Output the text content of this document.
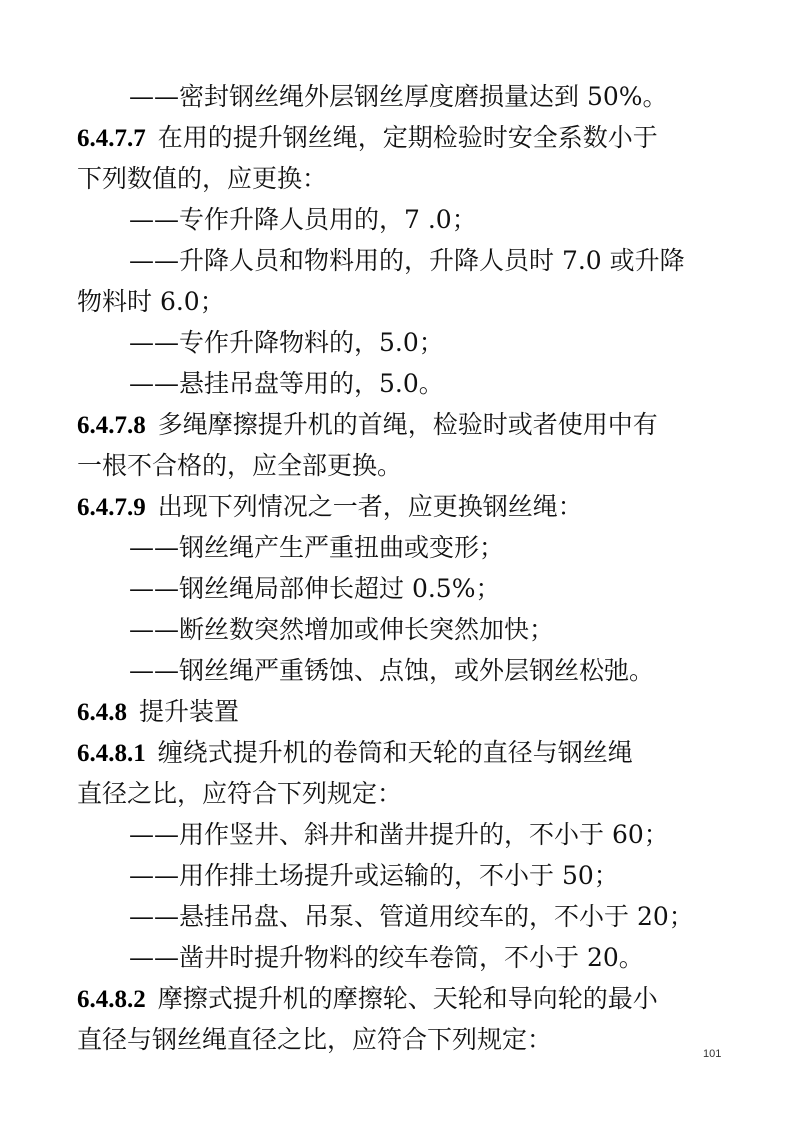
——密封钢丝绳外层钢丝厚度磨损量达到 50%。
6.4.7.7 在用的提升钢丝绳，定期检验时安全系数小于
下列数值的，应更换：
——专作升降人员用的，7 .0；
——升降人员和物料用的，升降人员时 7.0 或升降
物料时 6.0；
——专作升降物料的，5.0；
——悬挂吊盘等用的，5.0。
6.4.7.8 多绳摩擦提升机的首绳，检验时或者使用中有
一根不合格的，应全部更换。
6.4.7.9 出现下列情况之一者，应更换钢丝绳：
——钢丝绳产生严重扭曲或变形；
——钢丝绳局部伸长超过 0.5%；
——断丝数突然增加或伸长突然加快；
——钢丝绳严重锈蚀、点蚀，或外层钢丝松弛。
6.4.8 提升装置
6.4.8.1 缠绕式提升机的卷筒和天轮的直径与钢丝绳
直径之比，应符合下列规定：
——用作竖井、斜井和凿井提升的，不小于 60；
——用作排土场提升或运输的，不小于 50；
——悬挂吊盘、吊泵、管道用绞车的，不小于 20；
——凿井时提升物料的绞车卷筒，不小于 20。
6.4.8.2 摩擦式提升机的摩擦轮、天轮和导向轮的最小
直径与钢丝绳直径之比，应符合下列规定：	101
